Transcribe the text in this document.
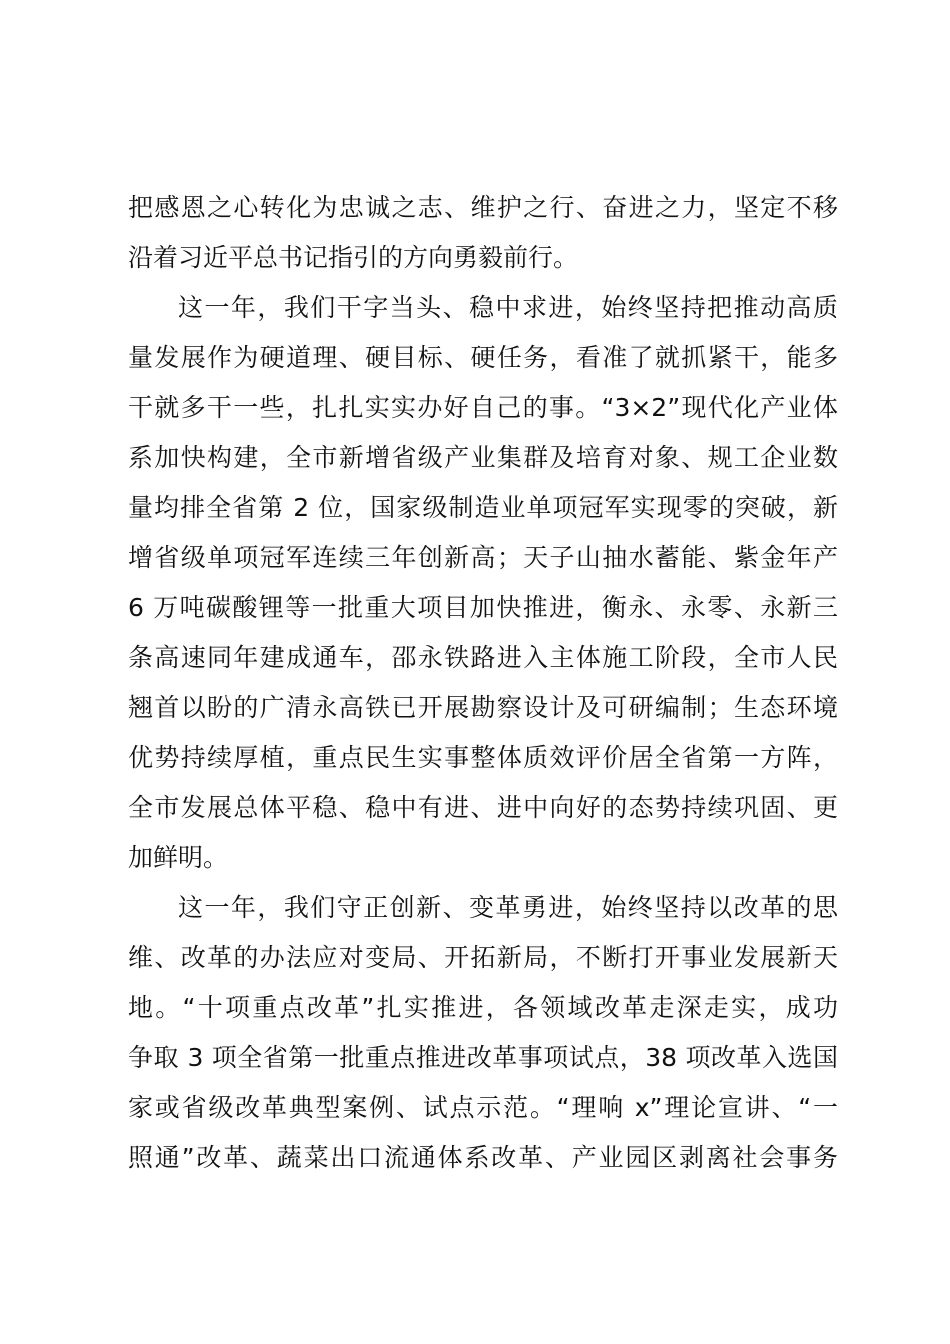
把感恩之心转化为忠诚之志、维护之行、奋进之力，坚定不移
沿着习近平总书记指引的方向勇毅前行。
这一年，我们干字当头、稳中求进，始终坚持把推动高质
量发展作为硬道理、硬目标、硬任务，看准了就抓紧干，能多
干就多干一些，扎扎实实办好自己的事。“3×2”现代化产业体
系加快构建，全市新增省级产业集群及培育对象、规工企业数
量均排全省第 2 位，国家级制造业单项冠军实现零的突破，新
增省级单项冠军连续三年创新高；天子山抽水蓄能、紫金年产
6 万吨碳酸锂等一批重大项目加快推进，衡永、永零、永新三
条高速同年建成通车，邵永铁路进入主体施工阶段，全市人民
翘首以盼的广清永高铁已开展勘察设计及可研编制；生态环境
优势持续厚植，重点民生实事整体质效评价居全省第一方阵，
全市发展总体平稳、稳中有进、进中向好的态势持续巩固、更
加鲜明。
这一年，我们守正创新、变革勇进，始终坚持以改革的思
维、改革的办法应对变局、开拓新局，不断打开事业发展新天
地。“十项重点改革”扎实推进，各领域改革走深走实，成功
争取 3 项全省第一批重点推进改革事项试点，38 项改革入选国
家或省级改革典型案例、试点示范。“理响 x”理论宣讲、“一
照通”改革、蔬菜出口流通体系改革、产业园区剥离社会事务
